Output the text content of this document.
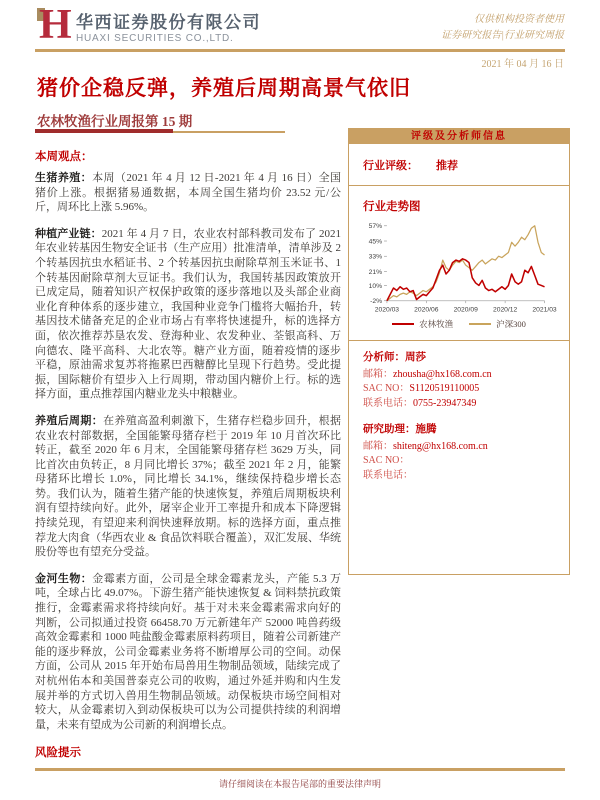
H 华西证券股份有限公司
HUAXI SECURITIES CO.,LTD.
仅供机构投资者使用
证券研究报告|行业研究周报
2021 年 04 月 16 日
猪价企稳反弹，养殖后周期高景气依旧
农林牧渔行业周报第 15 期
本周观点：

生猪养殖：本周（2021 年 4 月 12 日-2021 年 4 月 16 日）全国猪价上涨。根据猪易通数据，本周全国生猪均价 23.52 元/公斤，周环比上涨 5.96%。

种植产业链：2021 年 4 月 7 日，农业农村部科教司发布了 2021 年农业转基因生物安全证书（生产应用）批准清单，清单涉及 2 个转基因抗虫水稻证书、2 个转基因抗虫耐除草剂玉米证书、1 个转基因耐除草剂大豆证书。我们认为，我国转基因政策放开已成定局，随着知识产权保护政策的逐步落地以及头部企业商业化育种体系的逐步建立，我国种业竞争门槛将大幅抬升，转基因技术储备充足的企业市场占有率将快速提升，标的选择方面，依次推荐苏垦农发、登海种业、农发种业、荃银高科、万向德农、隆平高科、大北农等。糖产业方面，随着疫情的逐步平稳，原油需求复苏将拖累巴西糖醇比呈现下行趋势。受此提振，国际糖价有望步入上行周期，带动国内糖价上行。标的选择方面，重点推荐国内糖业龙头中粮糖业。

养殖后周期：在养殖高盈利刺激下，生猪存栏稳步回升，根据农业农村部数据，全国能繁母猪存栏于 2019 年 10 月首次环比转正，截至 2020 年 6 月末，全国能繁母猪存栏 3629 万头，同比首次由负转正，8 月同比增长 37%；截至 2021 年 2 月，能繁母猪环比增长 1.0%，同比增长 34.1%，继续保持稳步增长态势。我们认为，随着生猪产能的快速恢复，养殖后周期板块利润有望持续向好。此外，屠宰企业开工率提升和成本下降逻辑持续兑现，有望迎来利润快速释放期。标的选择方面，重点推荐龙大肉食（华西农业 & 食品饮料联合覆盖），双汇发展、华统股份等也有望充分受益。

金河生物：金霉素方面，公司是全球金霉素龙头，产能 5.3 万吨，全球占比 49.07%。下游生猪产能快速恢复 & 饲料禁抗政策推行，金霉素需求将持续向好。基于对未来金霉素需求向好的判断，公司拟通过投资 66458.70 万元新建年产 52000 吨兽药级高效金霉素和 1000 吨盐酸金霉素原料药项目，随着公司新建产能的逐步释放，公司金霉素业务将不断增厚公司的空间。动保方面，公司从 2015 年开始布局兽用生物制品领域，陆续完成了对杭州佑本和美国普泰克公司的收购，通过外延并购和内生发展并举的方式切入兽用生物制品领域。动保板块市场空间相对较大，从金霉素切入到动保板块可以为公司提供持续的利润增量，未来有望成为公司新的利润增长点。

风险提示
评级及分析师信息
行业评级： 推荐
行业走势图
57%
45%
33%
21%
10%
-2%
2020/03 2020/06 2020/09 2020/12 2021/03
农林牧渔	沪深300
分析师：周莎
邮箱：zhousha@hx168.com.cn
SAC NO：S1120519110005
联系电话：0755-23947349
研究助理：施腾
邮箱：shiteng@hx168.com.cn
SAC NO：
联系电话：
请仔细阅读在本报告尾部的重要法律声明
